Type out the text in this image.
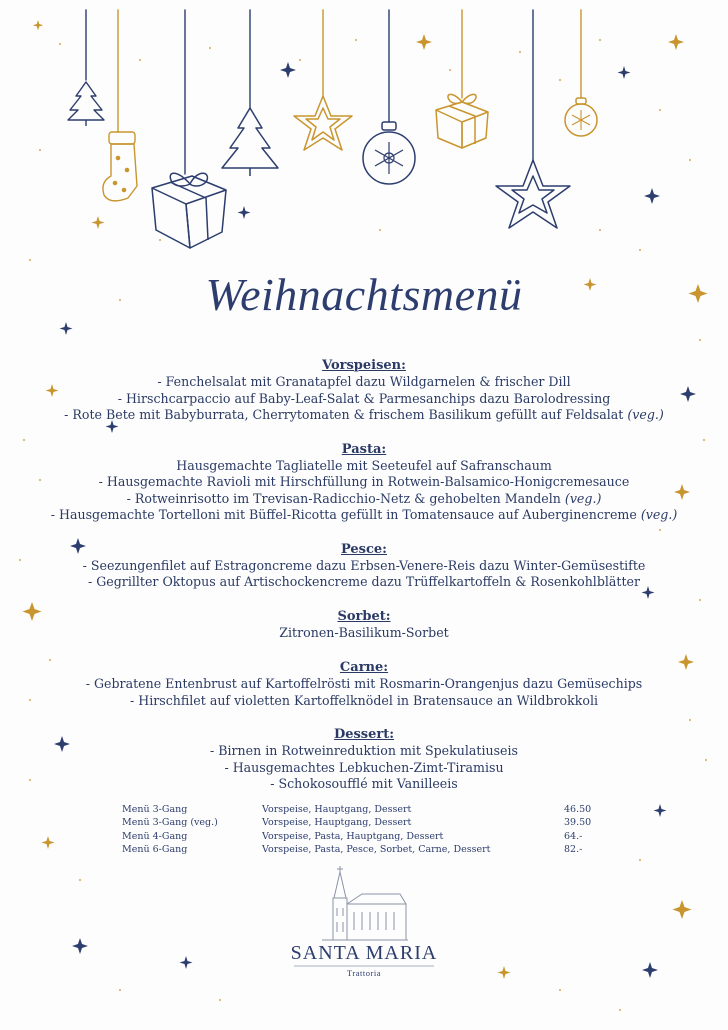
Weihnachtsmenü
Vorspeisen:
- Fenchelsalat mit Granatapfel dazu Wildgarnelen & frischer Dill
- Hirschcarpaccio auf Baby-Leaf-Salat & Parmesanchips dazu Barolodressing
- Rote Bete mit Babyburrata, Cherrytomaten & frischem Basilikum gefüllt auf Feldsalat (veg.)
Pasta:
Hausgemachte Tagliatelle mit Seeteufel auf Safranschaum
- Hausgemachte Ravioli mit Hirschfüllung in Rotwein-Balsamico-Honigcremesauce
- Rotweinrisotto im Trevisan-Radicchio-Netz & gehobelten Mandeln (veg.)
- Hausgemachte Tortelloni mit Büffel-Ricotta gefüllt in Tomatensauce auf Auberginencreme (veg.)
Pesce:
- Seezungenfilet auf Estragoncreme dazu Erbsen-Venere-Reis dazu Winter-Gemüsestifte
- Gegrillter Oktopus auf Artischockencreme dazu Trüffelkartoffeln & Rosenkohlblätter
Sorbet:
Zitronen-Basilikum-Sorbet
Carne:
- Gebratene Entenbrust auf Kartoffelrösti mit Rosmarin-Orangenjus dazu Gemüsechips
- Hirschfilet auf violetten Kartoffelknödel in Bratensauce an Wildbrokkoli
Dessert:
- Birnen in Rotweinreduktion mit Spekulatiuseis
- Hausgemachtes Lebkuchen-Zimt-Tiramisu
- Schokosoufflé mit Vanilleeis
Menü 3-Gang	Vorspeise, Hauptgang, Dessert	46.50
Menü 3-Gang (veg.)	Vorspeise, Hauptgang, Dessert	39.50
Menü 4-Gang	Vorspeise, Pasta, Hauptgang, Dessert	64.-
Menü 6-Gang	Vorspeise, Pasta, Pesce, Sorbet, Carne, Dessert	82.-
SANTA MARIA
Trattoria
